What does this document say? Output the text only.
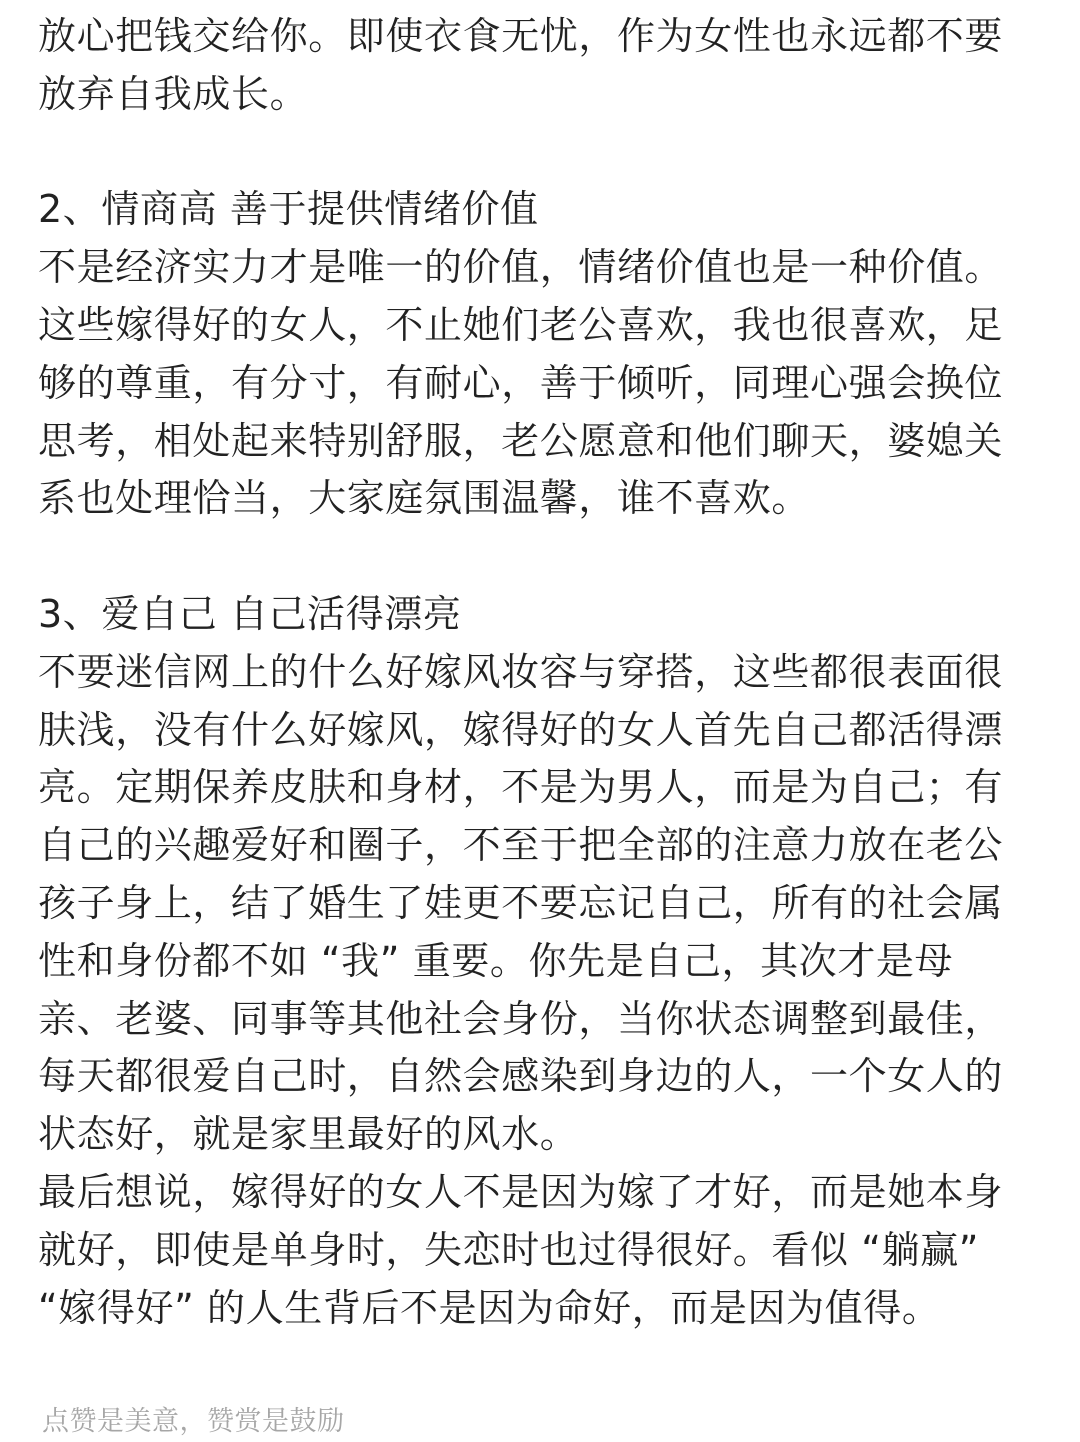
放心把钱交给你。即使衣食无忧，作为女性也永远都不要
放弃自我成长。
2、情商高 善于提供情绪价值
不是经济实力才是唯一的价值，情绪价值也是一种价值。
这些嫁得好的女人，不止她们老公喜欢，我也很喜欢，足
够的尊重，有分寸，有耐心，善于倾听，同理心强会换位
思考，相处起来特别舒服，老公愿意和他们聊天，婆媳关
系也处理恰当，大家庭氛围温馨，谁不喜欢。
3、爱自己 自己活得漂亮
不要迷信网上的什么好嫁风妆容与穿搭，这些都很表面很
肤浅，没有什么好嫁风，嫁得好的女人首先自己都活得漂
亮。定期保养皮肤和身材，不是为男人，而是为自己；有
自己的兴趣爱好和圈子，不至于把全部的注意力放在老公
孩子身上，结了婚生了娃更不要忘记自己，所有的社会属
性和身份都不如 “我” 重要。你先是自己，其次才是母
亲、老婆、同事等其他社会身份，当你状态调整到最佳，
每天都很爱自己时，自然会感染到身边的人，一个女人的
状态好，就是家里最好的风水。
最后想说，嫁得好的女人不是因为嫁了才好，而是她本身
就好，即使是单身时，失恋时也过得很好。看似 “躺赢”
“嫁得好” 的人生背后不是因为命好，而是因为值得。
点赞是美意，赞赏是鼓励
